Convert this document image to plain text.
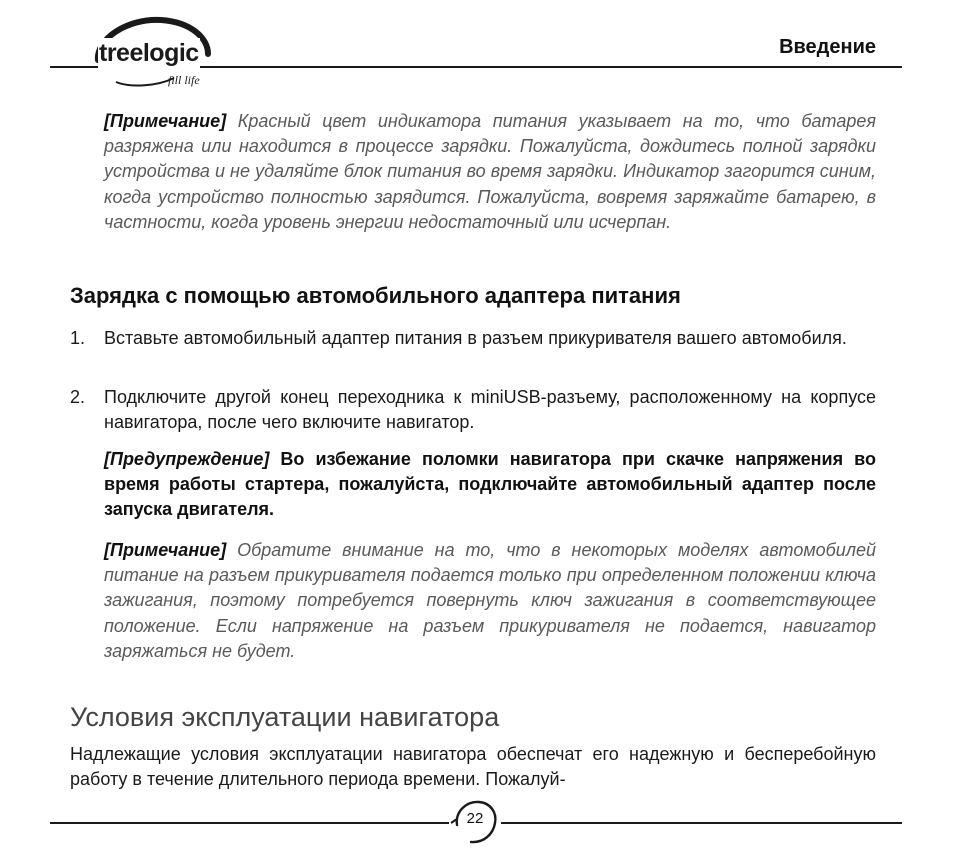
treelogic
fill life
Введение
[Примечание] Красный цвет индикатора питания указывает на то, что батарея разряжена или находится в процессе зарядки. Пожалуйста, дождитесь полной зарядки устройства и не удаляйте блок питания во время зарядки. Индикатор загорится синим, когда устройство полностью зарядится. Пожалуйста, вовремя заряжайте батарею, в частности, когда уровень энергии недостаточный или исчерпан.
Зарядка с помощью автомобильного адаптера питания
1. Вставьте автомобильный адаптер питания в разъем прикуривателя вашего автомобиля.
2. Подключите другой конец переходника к miniUSB-разъему, расположенному на корпусе навигатора, после чего включите навигатор.
[Предупреждение] Во избежание поломки навигатора при скачке напряжения во время работы стартера, пожалуйста, подключайте автомобильный адаптер после запуска двигателя.
[Примечание] Обратите внимание на то, что в некоторых моделях автомобилей питание на разъем прикуривателя подается только при определенном положении ключа зажигания, поэтому потребуется повернуть ключ зажигания в соответствующее положение. Если напряжение на разъем прикуривателя не подается, навигатор заряжаться не будет.
Условия эксплуатации навигатора
Надлежащие условия эксплуатации навигатора обеспечат его надежную и бесперебойную работу в течение длительного периода времени. Пожалуй-
22
